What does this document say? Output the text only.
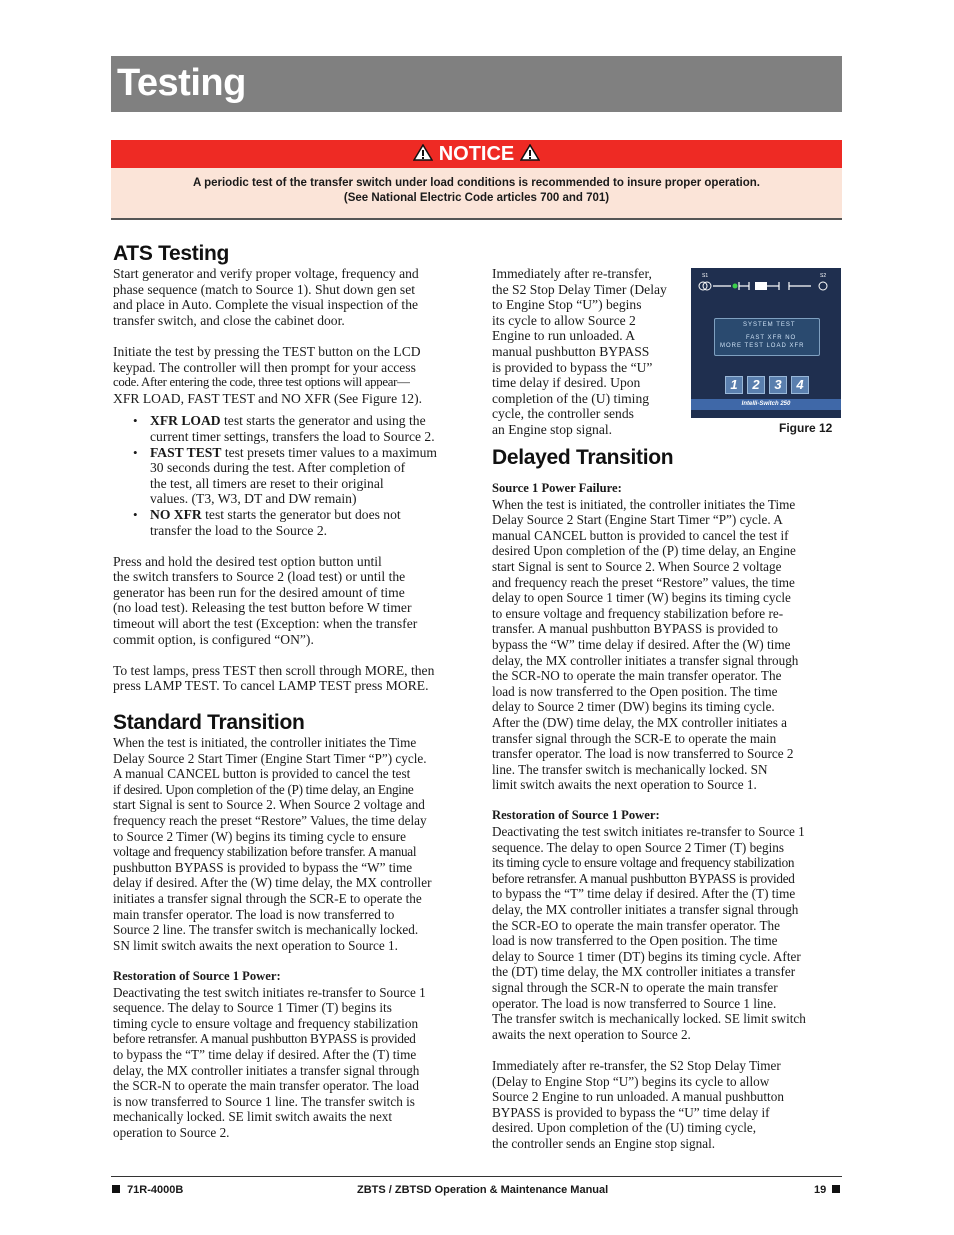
Testing
NOTICE
A periodic test of the transfer switch under load conditions is recommended to insure proper operation.
(See National Electric Code articles 700 and 701)
ATS Testing
Start generator and verify proper voltage, frequency and
phase sequence (match to Source 1). Shut down gen set
and place in Auto. Complete the visual inspection of the
transfer switch, and close the cabinet door.
Initiate the test by pressing the TEST button on the LCD
keypad. The controller will then prompt for your access
code. After entering the code, three test options will appear—
XFR LOAD, FAST TEST and NO XFR (See Figure 12).
• XFR LOAD test starts the generator and using the
current timer settings, transfers the load to Source 2.
• FAST TEST test presets timer values to a maximum
30 seconds during the test. After completion of
the test, all timers are reset to their original
values. (T3, W3, DT and DW remain)
• NO XFR test starts the generator but does not
transfer the load to the Source 2.
Press and hold the desired test option button until
the switch transfers to Source 2 (load test) or until the
generator has been run for the desired amount of time
(no load test). Releasing the test button before W timer
timeout will abort the test (Exception: when the transfer
commit option, is configured “ON”).
To test lamps, press TEST then scroll through MORE, then
press LAMP TEST. To cancel LAMP TEST press MORE.
Standard Transition
When the test is initiated, the controller initiates the Time
Delay Source 2 Start Timer (Engine Start Timer “P”) cycle.
A manual CANCEL button is provided to cancel the test
if desired. Upon completion of the (P) time delay, an Engine
start Signal is sent to Source 2. When Source 2 voltage and
frequency reach the preset “Restore” Values, the time delay
to Source 2 Timer (W) begins its timing cycle to ensure
voltage and frequency stabilization before transfer. A manual
pushbutton BYPASS is provided to bypass the “W” time
delay if desired. After the (W) time delay, the MX controller
initiates a transfer signal through the SCR-E to operate the
main transfer operator. The load is now transferred to
Source 2 line. The transfer switch is mechanically locked.
SN limit switch awaits the next operation to Source 1.
Restoration of Source 1 Power:
Deactivating the test switch initiates re-transfer to Source 1
sequence. The delay to Source 1 Timer (T) begins its
timing cycle to ensure voltage and frequency stabilization
before retransfer. A manual pushbutton BYPASS is provided
to bypass the “T” time delay if desired. After the (T) time
delay, the MX controller initiates a transfer signal through
the SCR-N to operate the main transfer operator. The load
is now transferred to Source 1 line. The transfer switch is
mechanically locked. SE limit switch awaits the next
operation to Source 2.
Immediately after re-transfer,
the S2 Stop Delay Timer (Delay
to Engine Stop “U”) begins
its cycle to allow Source 2
Engine to run unloaded. A
manual pushbutton BYPASS
is provided to bypass the “U”
time delay if desired. Upon
completion of the (U) timing
cycle, the controller sends
an Engine stop signal.
S1	S2
SYSTEM TEST
FAST XFR NO
MORE TEST LOAD XFR
1	2	3	4
Intelli-Switch 250
Figure 12
Delayed Transition
Source 1 Power Failure:
When the test is initiated, the controller initiates the Time
Delay Source 2 Start (Engine Start Timer “P”) cycle. A
manual CANCEL button is provided to cancel the test if
desired Upon completion of the (P) time delay, an Engine
start Signal is sent to Source 2. When Source 2 voltage
and frequency reach the preset “Restore” values, the time
delay to open Source 1 timer (W) begins its timing cycle
to ensure voltage and frequency stabilization before re-
transfer. A manual pushbutton BYPASS is provided to
bypass the “W” time delay if desired. After the (W) time
delay, the MX controller initiates a transfer signal through
the SCR-NO to operate the main transfer operator. The
load is now transferred to the Open position. The time
delay to Source 2 timer (DW) begins its timing cycle.
After the (DW) time delay, the MX controller initiates a
transfer signal through the SCR-E to operate the main
transfer operator. The load is now transferred to Source 2
line. The transfer switch is mechanically locked. SN
limit switch awaits the next operation to Source 1.
Restoration of Source 1 Power:
Deactivating the test switch initiates re-transfer to Source 1
sequence. The delay to open Source 2 Timer (T) begins
its timing cycle to ensure voltage and frequency stabilization
before retransfer. A manual pushbutton BYPASS is provided
to bypass the “T” time delay if desired. After the (T) time
delay, the MX controller initiates a transfer signal through
the SCR-EO to operate the main transfer operator. The
load is now transferred to the Open position. The time
delay to Source 1 timer (DT) begins its timing cycle. After
the (DT) time delay, the MX controller initiates a transfer
signal through the SCR-N to operate the main transfer
operator. The load is now transferred to Source 1 line.
The transfer switch is mechanically locked. SE limit switch
awaits the next operation to Source 2.
Immediately after re-transfer, the S2 Stop Delay Timer
(Delay to Engine Stop “U”) begins its cycle to allow
Source 2 Engine to run unloaded. A manual pushbutton
BYPASS is provided to bypass the “U” time delay if
desired. Upon completion of the (U) timing cycle,
the controller sends an Engine stop signal.
71R-4000B	ZBTS / ZBTSD Operation & Maintenance Manual	19
